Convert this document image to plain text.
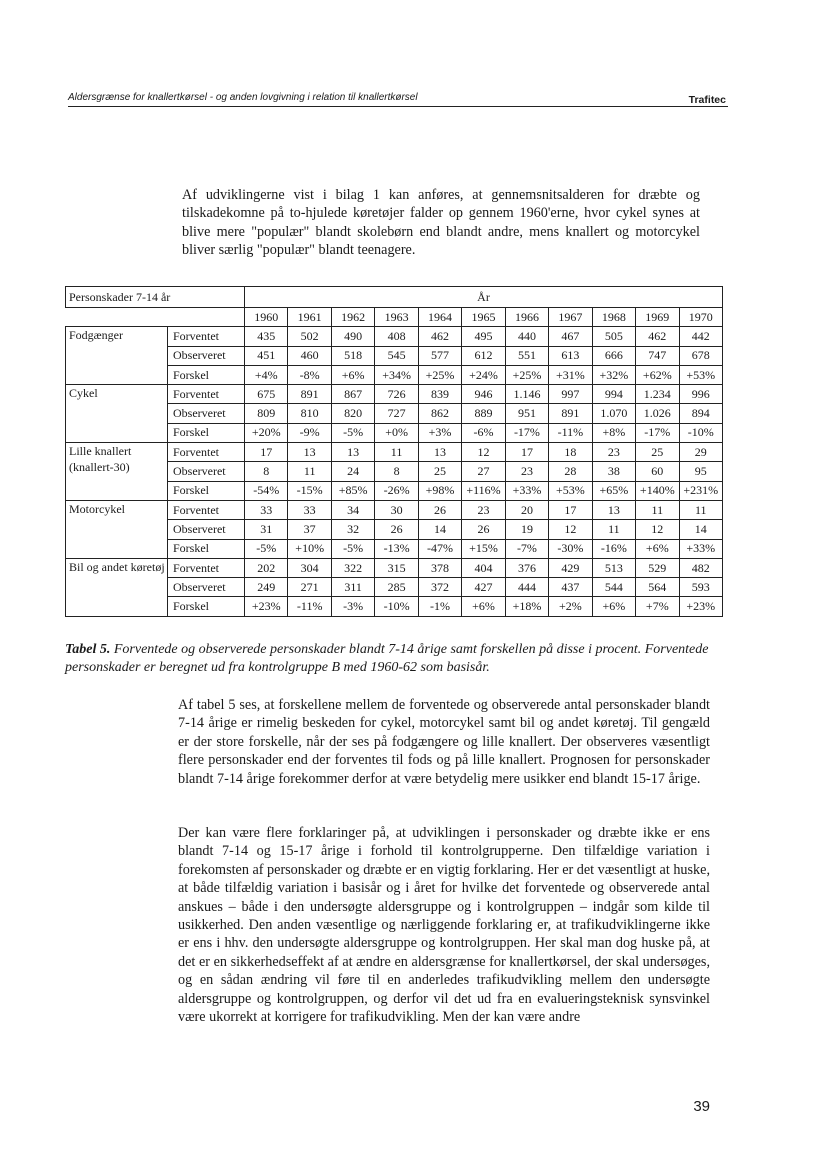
Aldersgrænse for knallertkørsel - og anden lovgivning i relation til knallertkørsel	Trafitec

Af udviklingerne vist i bilag 1 kan anføres, at gennemsnitsalderen for dræbte og tilskadekomne på to-hjulede køretøjer falder op gennem 1960'erne, hvor cykel synes at blive mere "populær" blandt skolebørn end blandt andre, mens knallert og motorcykel bliver særlig "populær" blandt teenagere.

Personskader 7-14 år		År										
		1960	1961	1962	1963	1964	1965	1966	1967	1968	1969	1970
Fodgænger	Forventet	435	502	490	408	462	495	440	467	505	462	442
	Observeret	451	460	518	545	577	612	551	613	666	747	678
	Forskel	+4%	-8%	+6%	+34%	+25%	+24%	+25%	+31%	+32%	+62%	+53%
Cykel	Forventet	675	891	867	726	839	946	1.146	997	994	1.234	996
	Observeret	809	810	820	727	862	889	951	891	1.070	1.026	894
	Forskel	+20%	-9%	-5%	+0%	+3%	-6%	-17%	-11%	+8%	-17%	-10%
Lille knallert (knallert-30)	Forventet	17	13	13	11	13	12	17	18	23	25	29
	Observeret	8	11	24	8	25	27	23	28	38	60	95
	Forskel	-54%	-15%	+85%	-26%	+98%	+116%	+33%	+53%	+65%	+140%	+231%
Motorcykel	Forventet	33	33	34	30	26	23	20	17	13	11	11
	Observeret	31	37	32	26	14	26	19	12	11	12	14
	Forskel	-5%	+10%	-5%	-13%	-47%	+15%	-7%	-30%	-16%	+6%	+33%
Bil og andet køretøj	Forventet	202	304	322	315	378	404	376	429	513	529	482
	Observeret	249	271	311	285	372	427	444	437	544	564	593
	Forskel	+23%	-11%	-3%	-10%	-1%	+6%	+18%	+2%	+6%	+7%	+23%

Tabel 5. Forventede og observerede personskader blandt 7-14 årige samt forskellen på disse i procent. Forventede personskader er beregnet ud fra kontrolgruppe B med 1960-62 som basisår.

Af tabel 5 ses, at forskellene mellem de forventede og observerede antal personskader blandt 7-14 årige er rimelig beskeden for cykel, motorcykel samt bil og andet køretøj. Til gengæld er der store forskelle, når der ses på fodgængere og lille knallert. Der observeres væsentligt flere personskader end der forventes til fods og på lille knallert. Prognosen for personskader blandt 7-14 årige forekommer derfor at være betydelig mere usikker end blandt 15-17 årige.

Der kan være flere forklaringer på, at udviklingen i personskader og dræbte ikke er ens blandt 7-14 og 15-17 årige i forhold til kontrolgrupperne. Den tilfældige variation i forekomsten af personskader og dræbte er en vigtig forklaring. Her er det væsentligt at huske, at både tilfældig variation i basisår og i året for hvilke det forventede og observerede antal anskues – både i den undersøgte aldersgruppe og i kontrolgruppen – indgår som kilde til usikkerhed. Den anden væsentlige og nærliggende forklaring er, at trafikudviklingerne ikke er ens i hhv. den undersøgte aldersgruppe og kontrolgruppen. Her skal man dog huske på, at det er en sikkerhedseffekt af at ændre en aldersgrænse for knallertkørsel, der skal undersøges, og en sådan ændring vil føre til en anderledes trafikudvikling mellem den undersøgte aldersgruppe og kontrolgruppen, og derfor vil det ud fra en evalueringsteknisk synsvinkel være ukorrekt at korrigere for trafikudvikling. Men der kan være andre

39
